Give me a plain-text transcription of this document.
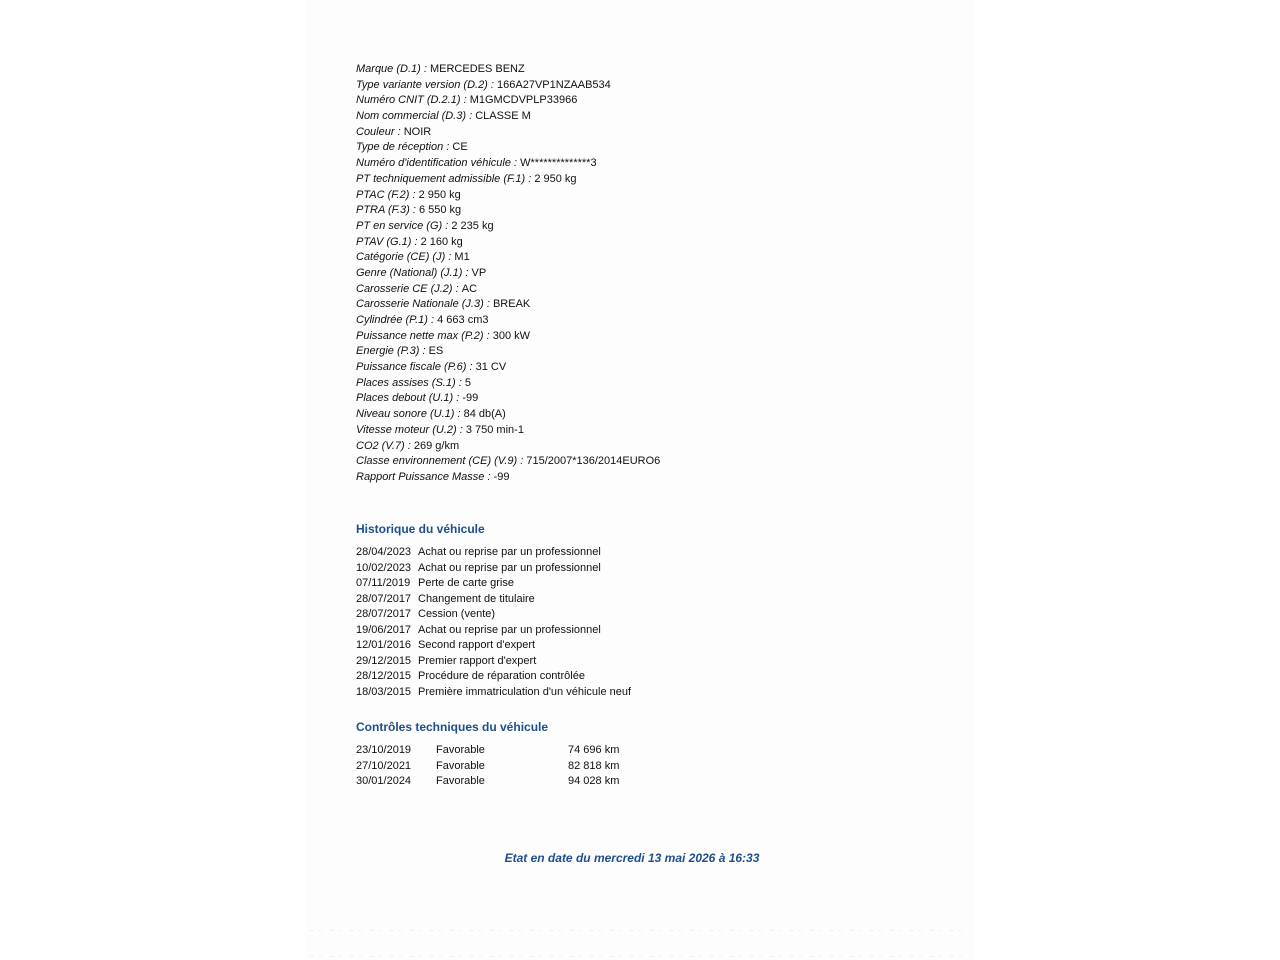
Marque (D.1) : MERCEDES BENZ
Type variante version (D.2) : 166A27VP1NZAAB534
Numéro CNIT (D.2.1) : M1GMCDVPLP33966
Nom commercial (D.3) : CLASSE M
Couleur : NOIR
Type de réception : CE
Numéro d'identification véhicule : W**************3
PT techniquement admissible (F.1) : 2 950 kg
PTAC (F.2) : 2 950 kg
PTRA (F.3) : 6 550 kg
PT en service (G) : 2 235 kg
PTAV (G.1) : 2 160 kg
Catégorie (CE) (J) : M1
Genre (National) (J.1) : VP
Carosserie CE (J.2) : AC
Carosserie Nationale (J.3) : BREAK
Cylindrée (P.1) : 4 663 cm3
Puissance nette max (P.2) : 300 kW
Energie (P.3) : ES
Puissance fiscale (P.6) : 31 CV
Places assises (S.1) : 5
Places debout (U.1) : -99
Niveau sonore (U.1) : 84 db(A)
Vitesse moteur (U.2) : 3 750 min-1
CO2 (V.7) : 269 g/km
Classe environnement (CE) (V.9) : 715/2007*136/2014EURO6
Rapport Puissance Masse : -99
Historique du véhicule
28/04/2023 Achat ou reprise par un professionnel
10/02/2023 Achat ou reprise par un professionnel
07/11/2019 Perte de carte grise
28/07/2017 Changement de titulaire
28/07/2017 Cession (vente)
19/06/2017 Achat ou reprise par un professionnel
12/01/2016 Second rapport d'expert
29/12/2015 Premier rapport d'expert
28/12/2015 Procédure de réparation contrôlée
18/03/2015 Première immatriculation d'un véhicule neuf
Contrôles techniques du véhicule
23/10/2019	Favorable	74 696 km
27/10/2021	Favorable	82 818 km
30/01/2024	Favorable	94 028 km
Etat en date du mercredi 13 mai 2026 à 16:33
